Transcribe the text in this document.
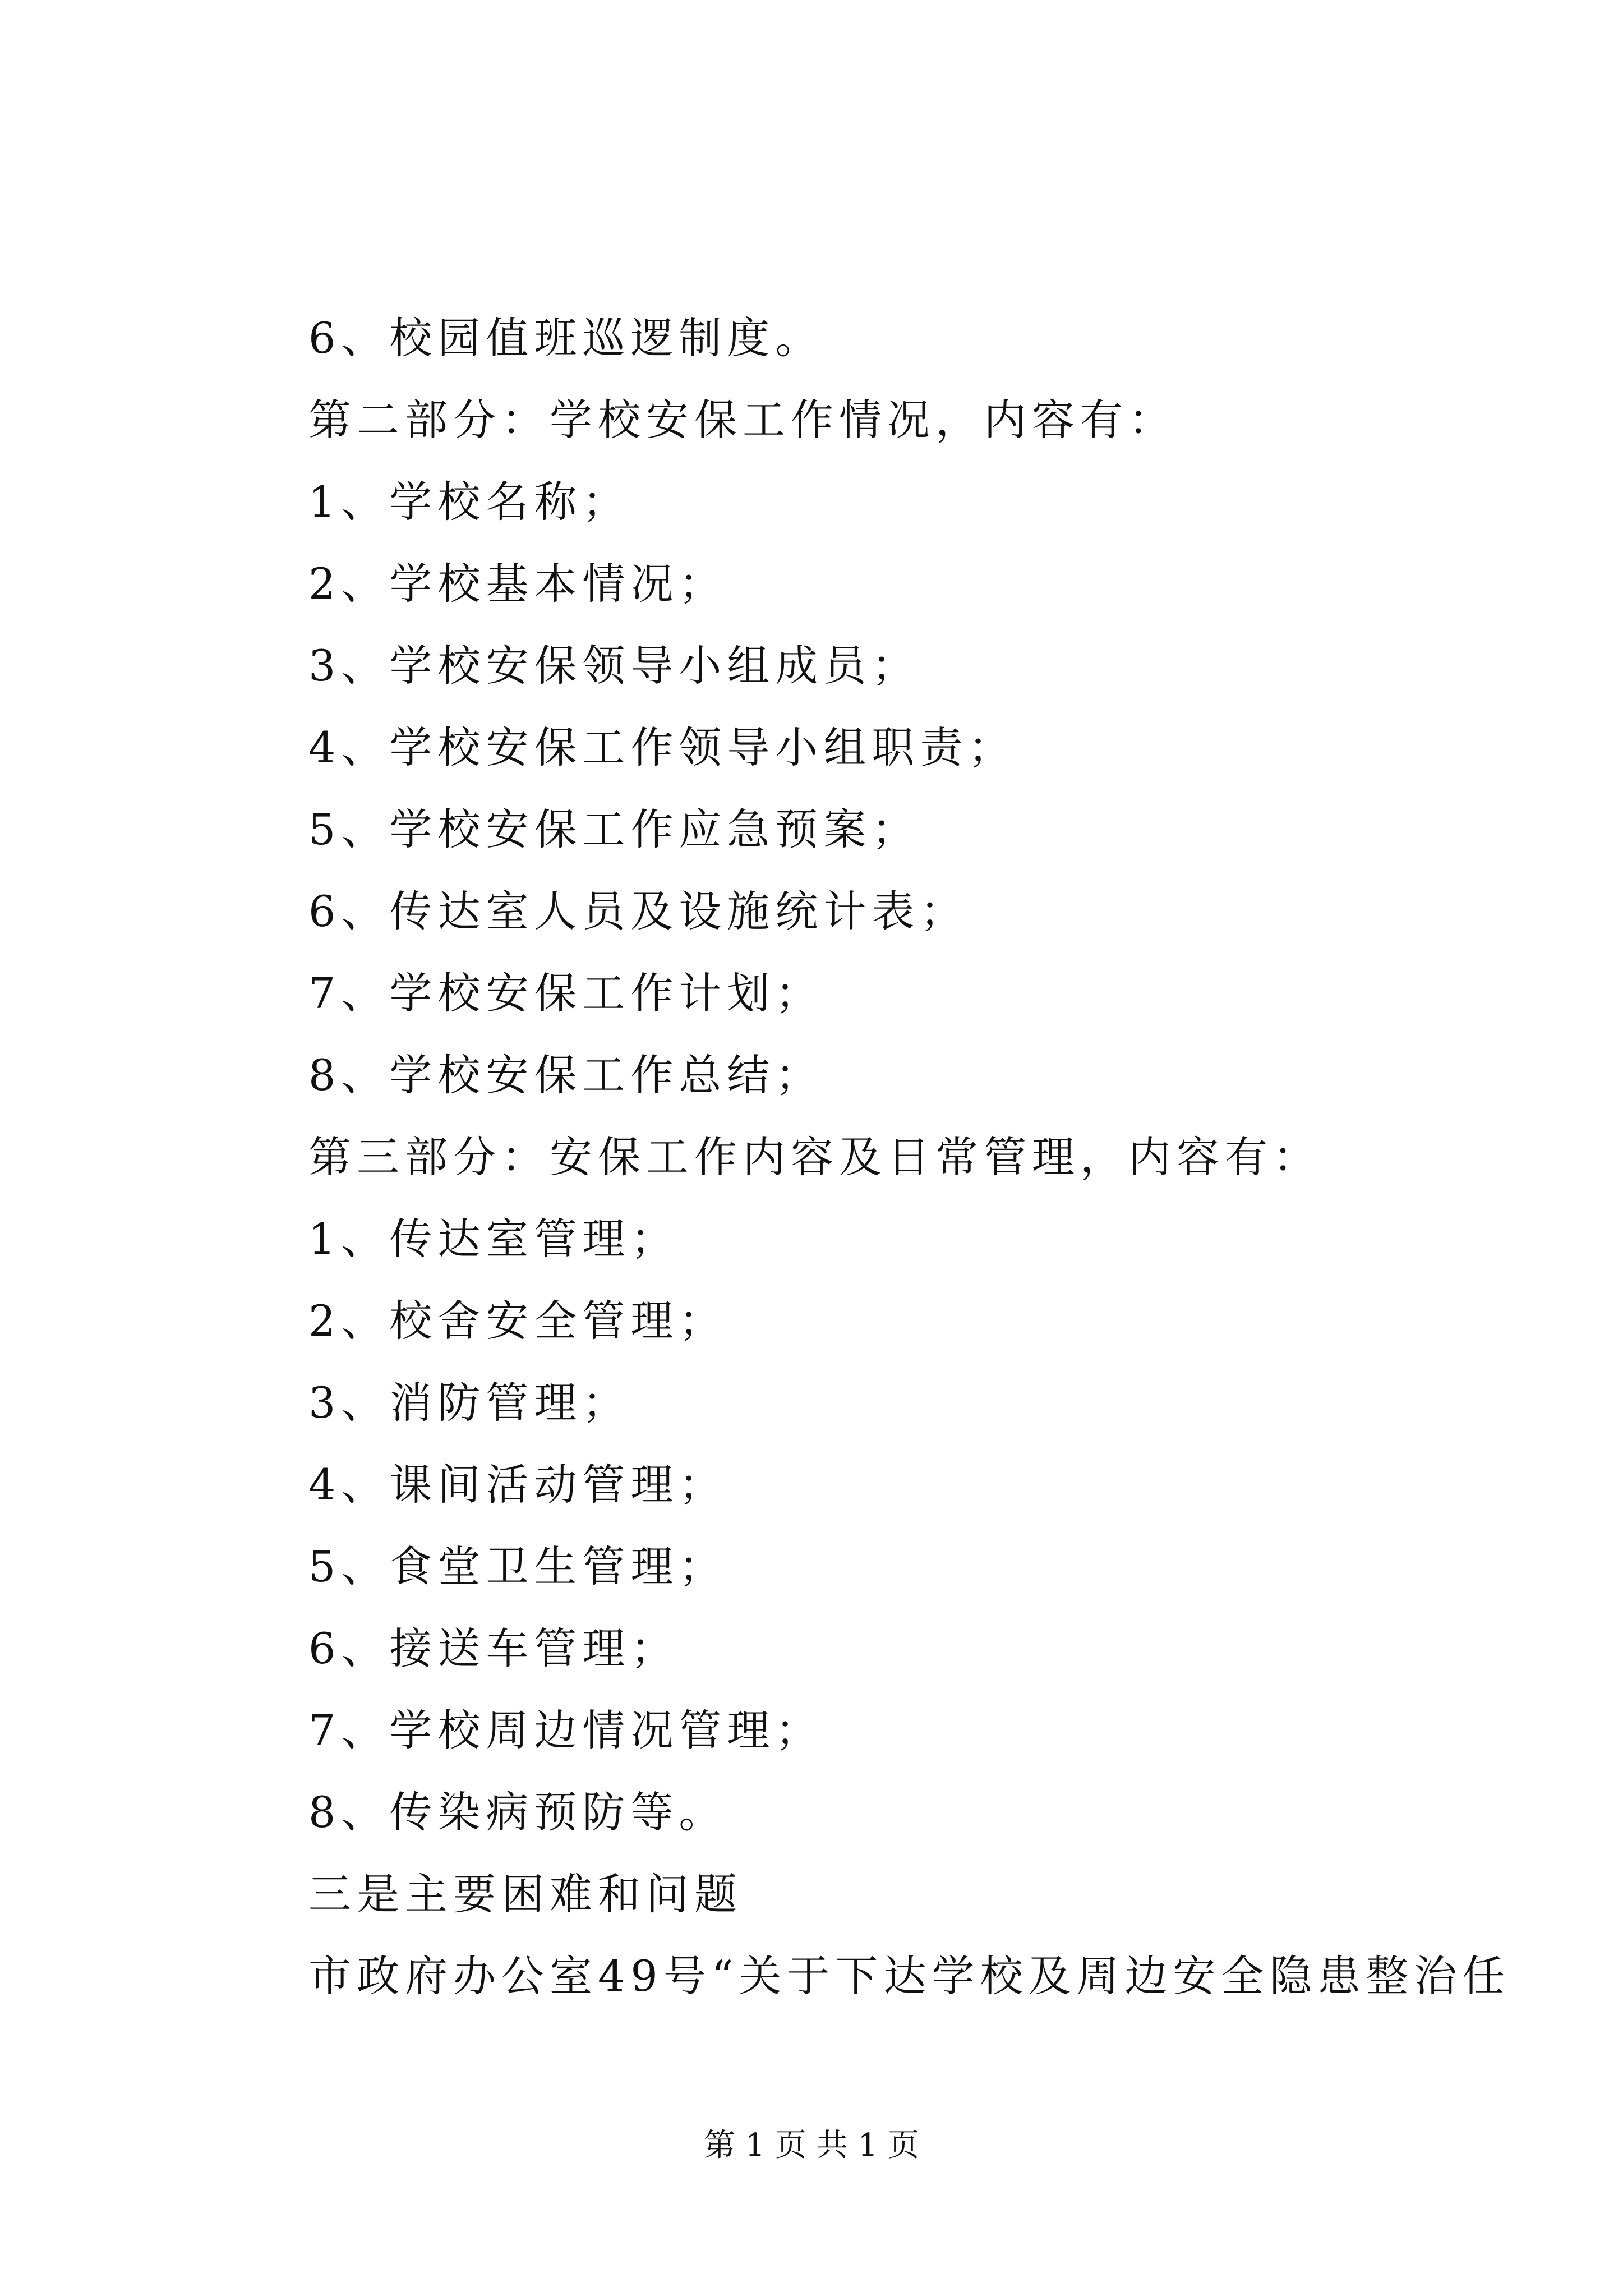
6、校园值班巡逻制度。
第二部分：学校安保工作情况，内容有：
1、学校名称；
2、学校基本情况；
3、学校安保领导小组成员；
4、学校安保工作领导小组职责；
5、学校安保工作应急预案；
6、传达室人员及设施统计表；
7、学校安保工作计划；
8、学校安保工作总结；
第三部分：安保工作内容及日常管理，内容有：
1、传达室管理；
2、校舍安全管理；
3、消防管理；
4、课间活动管理；
5、食堂卫生管理；
6、接送车管理；
7、学校周边情况管理；
8、传染病预防等。
三是主要困难和问题
市政府办公室49号“关于下达学校及周边安全隐患整治任
第 1 页 共 1 页
